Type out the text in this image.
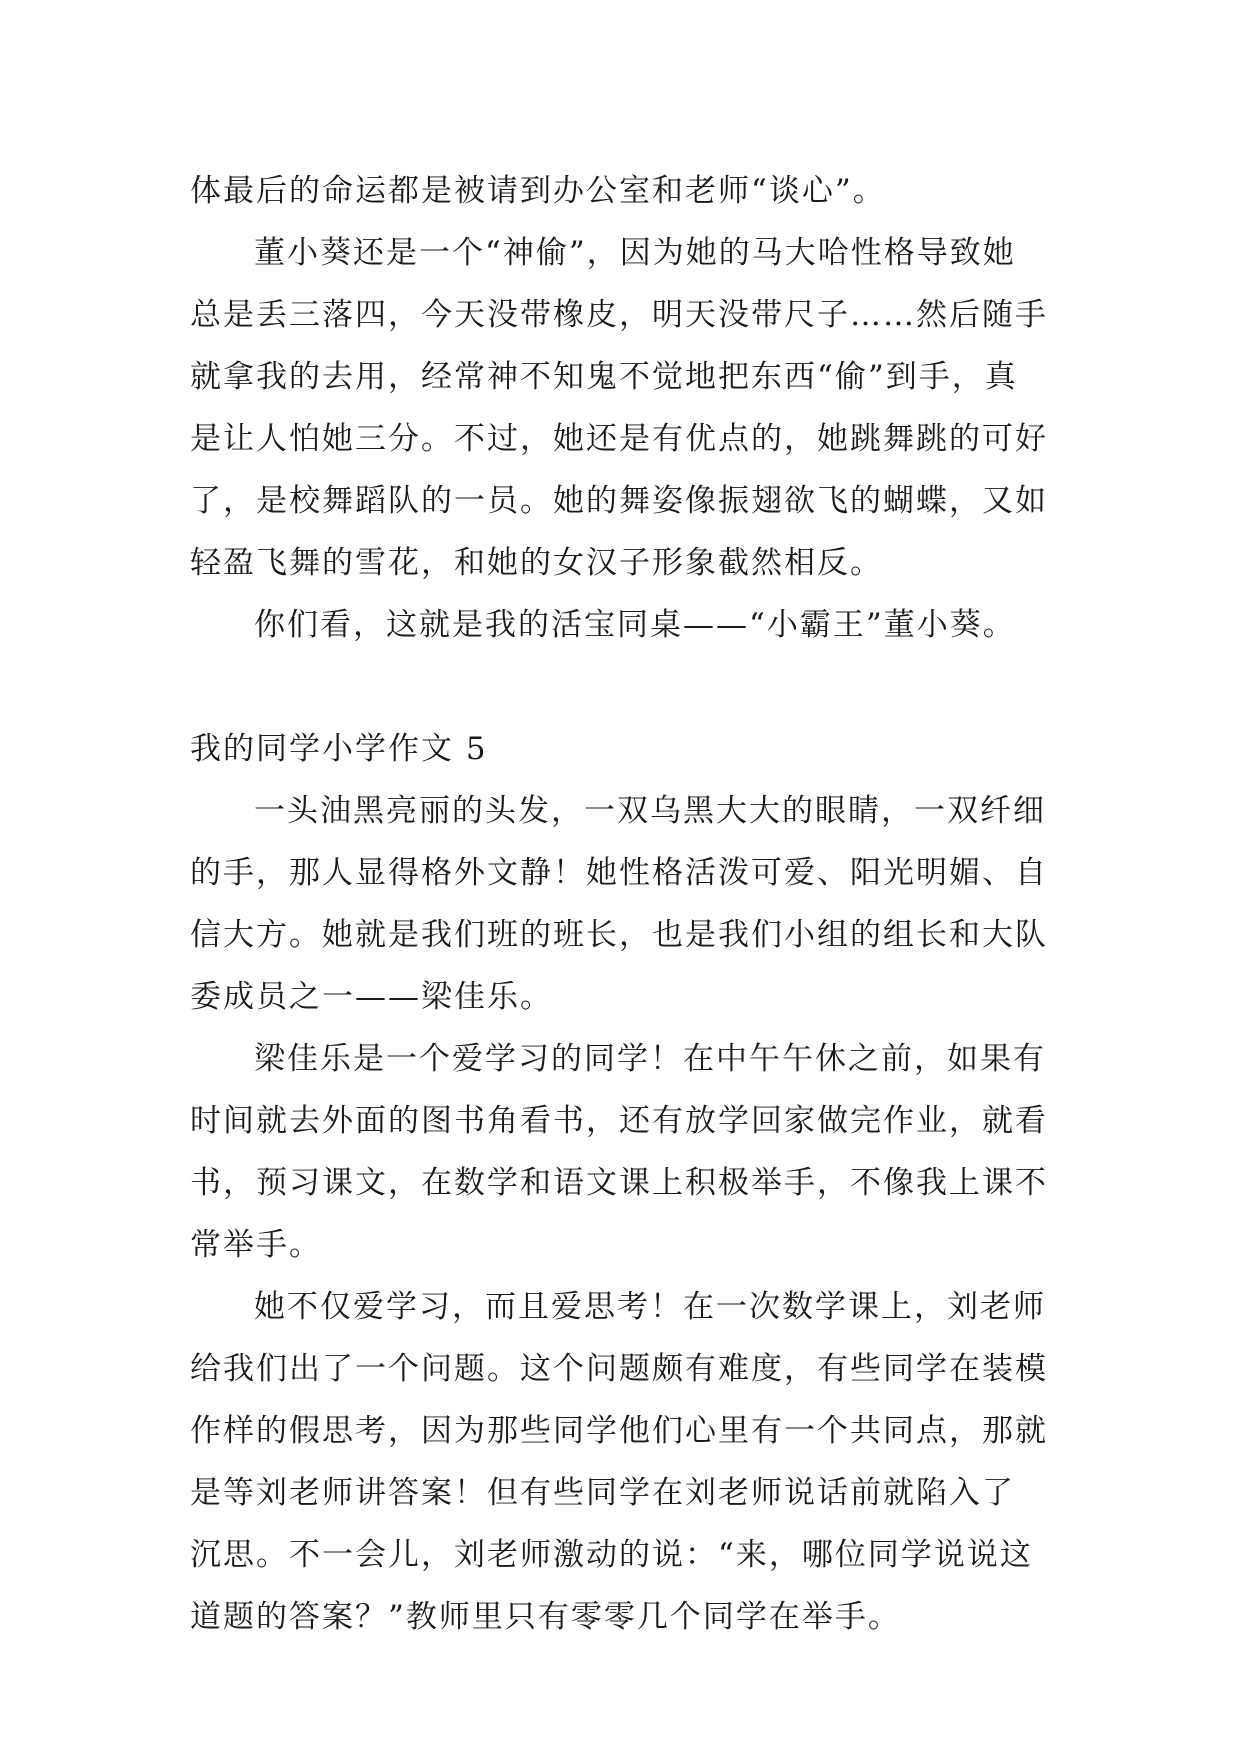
体最后的命运都是被请到办公室和老师“谈心”。
董小葵还是一个“神偷”，因为她的马大哈性格导致她
总是丢三落四，今天没带橡皮，明天没带尺子……然后随手
就拿我的去用，经常神不知鬼不觉地把东西“偷”到手，真
是让人怕她三分。不过，她还是有优点的，她跳舞跳的可好
了，是校舞蹈队的一员。她的舞姿像振翅欲飞的蝴蝶，又如
轻盈飞舞的雪花，和她的女汉子形象截然相反。
你们看，这就是我的活宝同桌——“小霸王”董小葵。
我的同学小学作文 5
一头油黑亮丽的头发，一双乌黑大大的眼睛，一双纤细
的手，那人显得格外文静！她性格活泼可爱、阳光明媚、自
信大方。她就是我们班的班长，也是我们小组的组长和大队
委成员之一——梁佳乐。
梁佳乐是一个爱学习的同学！在中午午休之前，如果有
时间就去外面的图书角看书，还有放学回家做完作业，就看
书，预习课文，在数学和语文课上积极举手，不像我上课不
常举手。
她不仅爱学习，而且爱思考！在一次数学课上，刘老师
给我们出了一个问题。这个问题颇有难度，有些同学在装模
作样的假思考，因为那些同学他们心里有一个共同点，那就
是等刘老师讲答案！但有些同学在刘老师说话前就陷入了
沉思。不一会儿，刘老师激动的说：“来，哪位同学说说这
道题的答案？”教师里只有零零几个同学在举手。
